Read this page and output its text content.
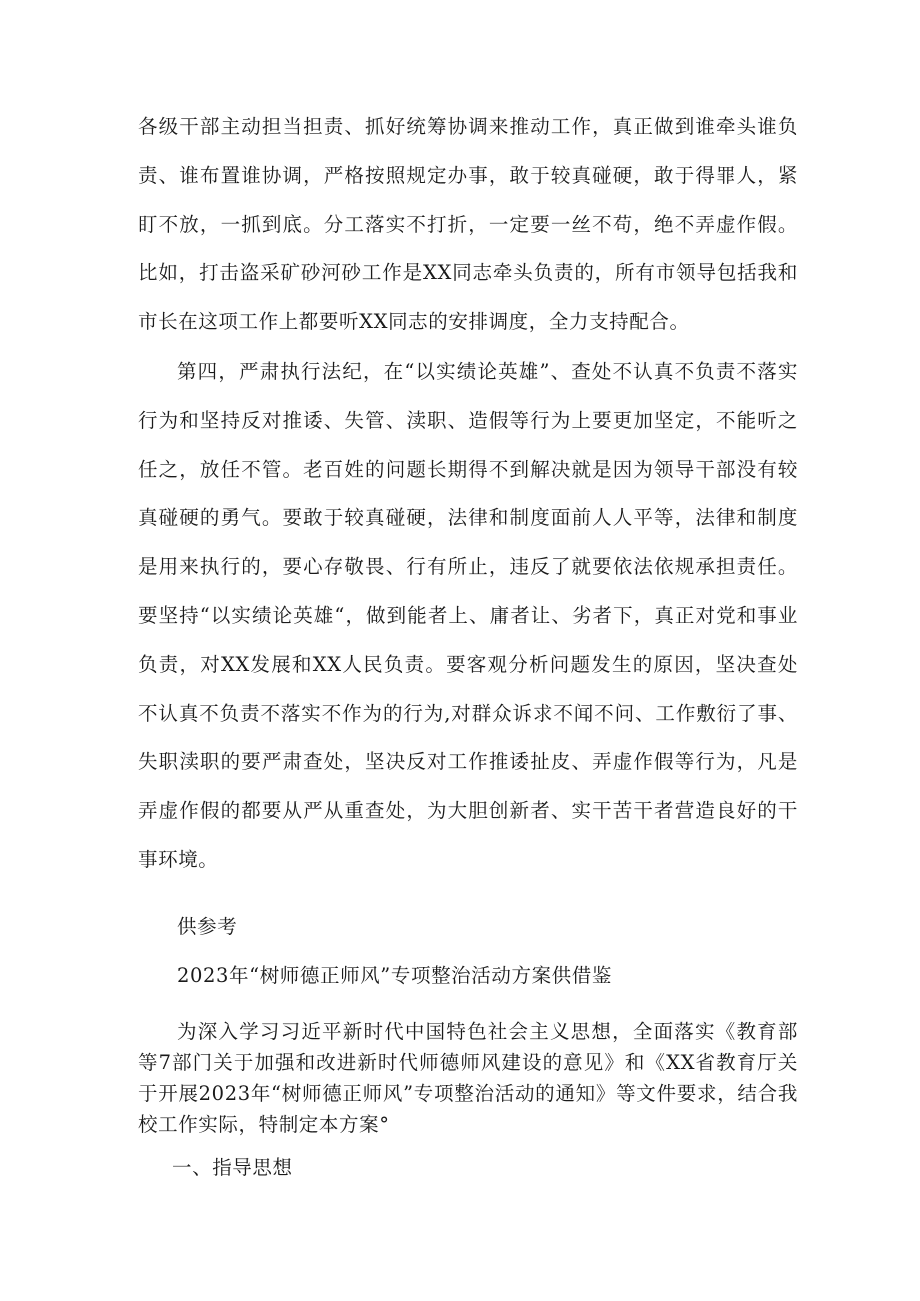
各级干部主动担当担责、抓好统筹协调来推动工作，真正做到谁牵头谁负责、谁布置谁协调，严格按照规定办事，敢于较真碰硬，敢于得罪人，紧盯不放，一抓到底。分工落实不打折，一定要一丝不苟，绝不弄虚作假。比如，打击盗采矿砂河砂工作是XX同志牵头负责的，所有市领导包括我和市长在这项工作上都要听XX同志的安排调度，全力支持配合。

第四，严肃执行法纪，在“以实绩论英雄”、查处不认真不负责不落实行为和坚持反对推诿、失管、渎职、造假等行为上要更加坚定，不能听之任之，放任不管。老百姓的问题长期得不到解决就是因为领导干部没有较真碰硬的勇气。要敢于较真碰硬，法律和制度面前人人平等，法律和制度是用来执行的，要心存敬畏、行有所止，违反了就要依法依规承担责任。要坚持“以实绩论英雄“，做到能者上、庸者让、劣者下，真正对党和事业负责，对XX发展和XX人民负责。要客观分析问题发生的原因，坚决查处不认真不负责不落实不作为的行为,对群众诉求不闻不问、工作敷衍了事、失职渎职的要严肃查处，坚决反对工作推诿扯皮、弄虚作假等行为，凡是弄虚作假的都要从严从重查处，为大胆创新者、实干苦干者营造良好的干事环境。

供参考

2023年“树师德正师风”专项整治活动方案供借鉴

为深入学习习近平新时代中国特色社会主义思想，全面落实《教育部等7部门关于加强和改进新时代师德师风建设的意见》和《XX省教育厅关于开展2023年“树师德正师风”专项整治活动的通知》等文件要求，结合我校工作实际，特制定本方案°

一、指导思想
